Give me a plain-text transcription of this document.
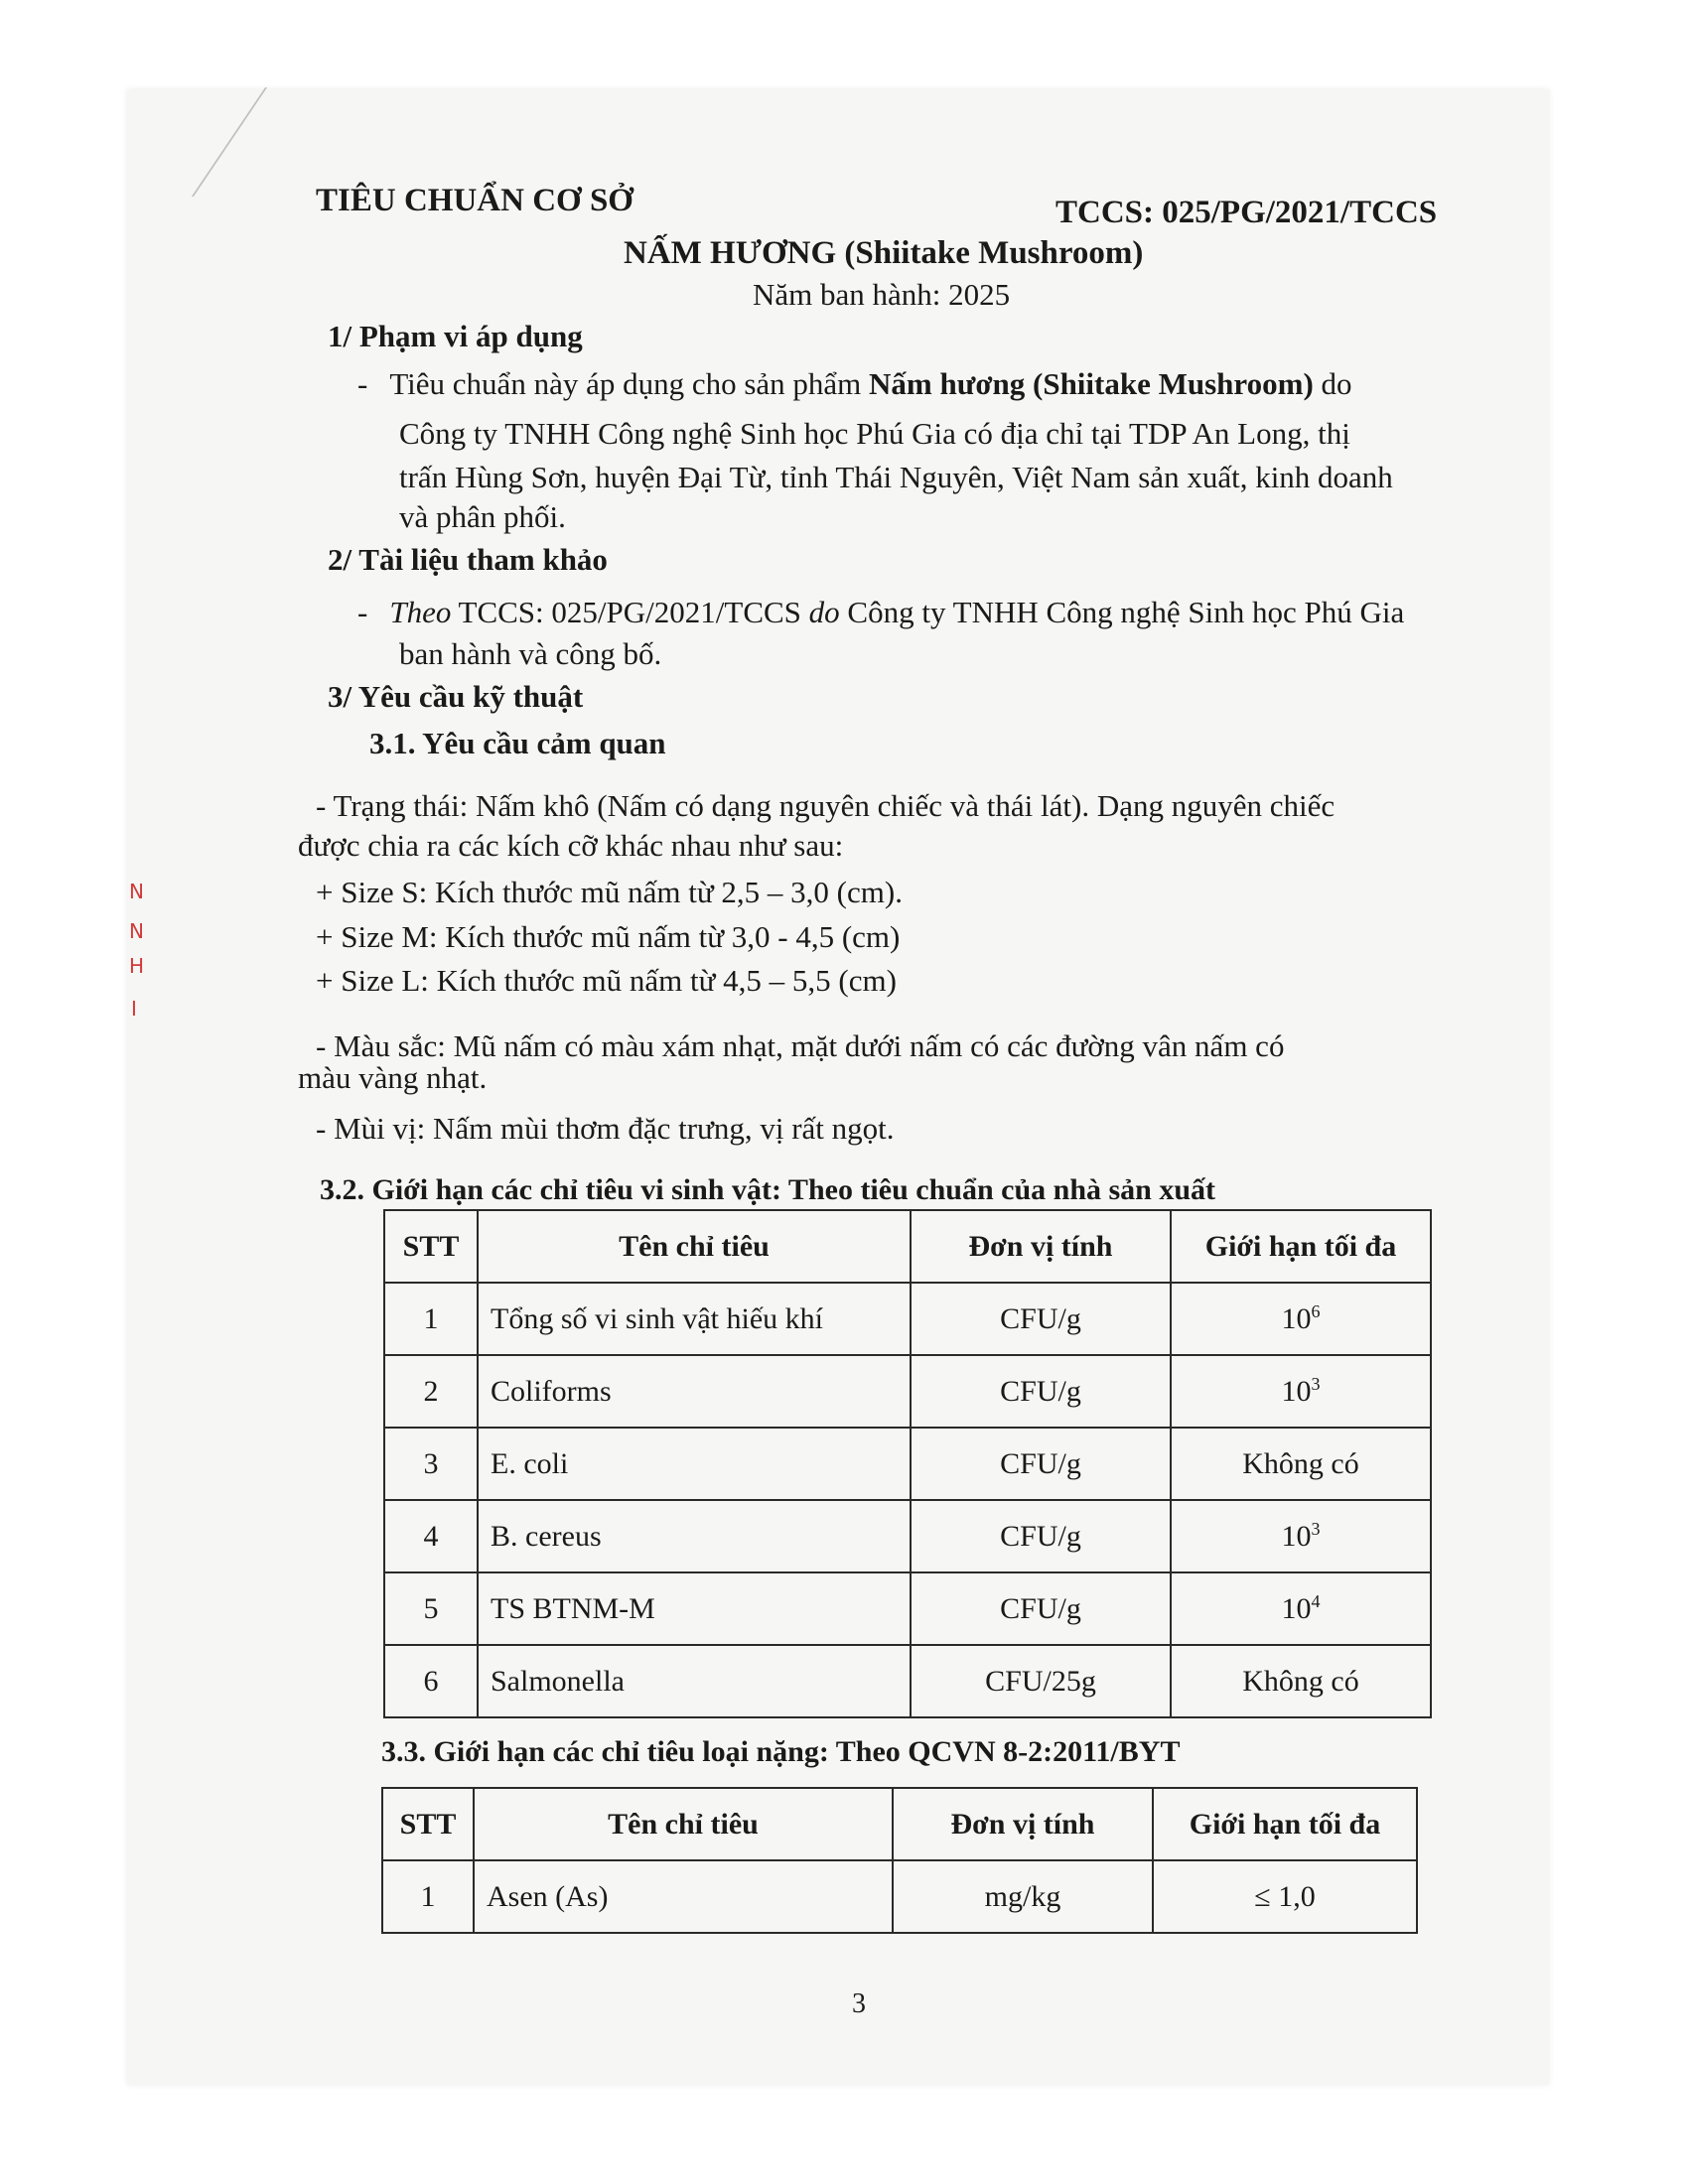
N
N
H
I
TIÊU CHUẨN CƠ SỞ	TCCS: 025/PG/2021/TCCS
NẤM HƯƠNG (Shiitake Mushroom)
Năm ban hành: 2025
1/ Phạm vi áp dụng
- Tiêu chuẩn này áp dụng cho sản phẩm Nấm hương (Shiitake Mushroom) do
Công ty TNHH Công nghệ Sinh học Phú Gia có địa chỉ tại TDP An Long, thị
trấn Hùng Sơn, huyện Đại Từ, tỉnh Thái Nguyên, Việt Nam sản xuất, kinh doanh
và phân phối.
2/ Tài liệu tham khảo
- Theo TCCS: 025/PG/2021/TCCS do Công ty TNHH Công nghệ Sinh học Phú Gia
ban hành và công bố.
3/ Yêu cầu kỹ thuật
3.1. Yêu cầu cảm quan
- Trạng thái: Nấm khô (Nấm có dạng nguyên chiếc và thái lát). Dạng nguyên chiếc
được chia ra các kích cỡ khác nhau như sau:
+ Size S: Kích thước mũ nấm từ 2,5 – 3,0 (cm).
+ Size M: Kích thước mũ nấm từ 3,0 - 4,5 (cm)
+ Size L: Kích thước mũ nấm từ 4,5 – 5,5 (cm)
- Màu sắc: Mũ nấm có màu xám nhạt, mặt dưới nấm có các đường vân nấm có
màu vàng nhạt.
- Mùi vị: Nấm mùi thơm đặc trưng, vị rất ngọt.
3.2. Giới hạn các chỉ tiêu vi sinh vật: Theo tiêu chuẩn của nhà sản xuất
STT	Tên chỉ tiêu	Đơn vị tính	Giới hạn tối đa
1	Tổng số vi sinh vật hiếu khí	CFU/g	$10^6$
2	Coliforms	CFU/g	$10^3$
3	E. coli	CFU/g	Không có
4	B. cereus	CFU/g	$10^3$
5	TS BTNM-M	CFU/g	$10^4$
6	Salmonella	CFU/25g	Không có
3.3. Giới hạn các chỉ tiêu loại nặng: Theo QCVN 8-2:2011/BYT
STT	Tên chỉ tiêu	Đơn vị tính	Giới hạn tối đa
1	Asen (As)	mg/kg	≤ 1,0
3
